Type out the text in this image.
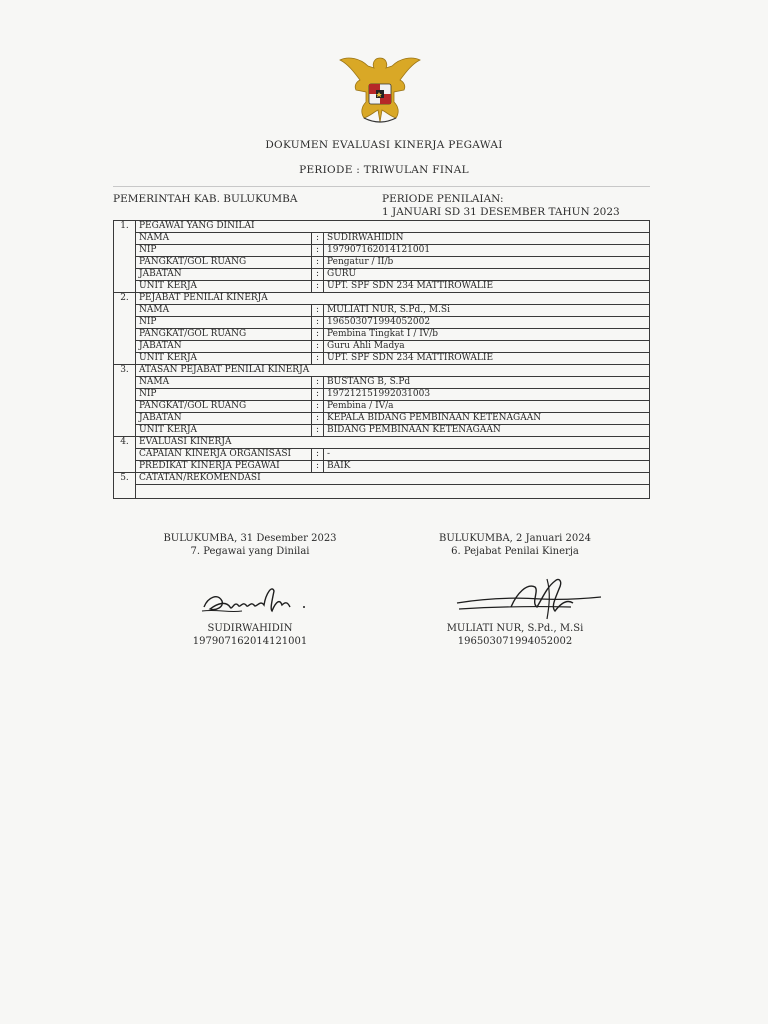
DOKUMEN EVALUASI KINERJA PEGAWAI
PERIODE : TRIWULAN FINAL
PEMERINTAH KAB. BULUKUMBA	PERIODE PENILAIAN:
1 JANUARI SD 31 DESEMBER TAHUN 2023
1.	PEGAWAI YANG DINILAI		
	NAMA	:	SUDIRWAHIDIN
	NIP	:	197907162014121001
	PANGKAT/GOL RUANG	:	Pengatur / II/b
	JABATAN	:	GURU
	UNIT KERJA	:	UPT. SPF SDN 234 MATTIROWALIE
2.	PEJABAT PENILAI KINERJA		
	NAMA	:	MULIATI NUR, S.Pd., M.Si
	NIP	:	196503071994052002
	PANGKAT/GOL RUANG	:	Pembina Tingkat I / IV/b
	JABATAN	:	Guru Ahli Madya
	UNIT KERJA	:	UPT. SPF SDN 234 MATTIROWALIE
3.	ATASAN PEJABAT PENILAI KINERJA		
	NAMA	:	BUSTANG B, S.Pd
	NIP	:	197212151992031003
	PANGKAT/GOL RUANG	:	Pembina / IV/a
	JABATAN	:	KEPALA BIDANG PEMBINAAN KETENAGAAN
	UNIT KERJA	:	BIDANG PEMBINAAN KETENAGAAN
4.	EVALUASI KINERJA		
	CAPAIAN KINERJA ORGANISASI	:	-
	PREDIKAT KINERJA PEGAWAI	:	BAIK
5.	CATATAN/REKOMENDASI		

BULUKUMBA, 31 Desember 2023
7. Pegawai yang Dinilai
SUDIRWAHIDIN
197907162014121001
BULUKUMBA, 2 Januari 2024
6. Pejabat Penilai Kinerja
MULIATI NUR, S.Pd., M.Si
196503071994052002
